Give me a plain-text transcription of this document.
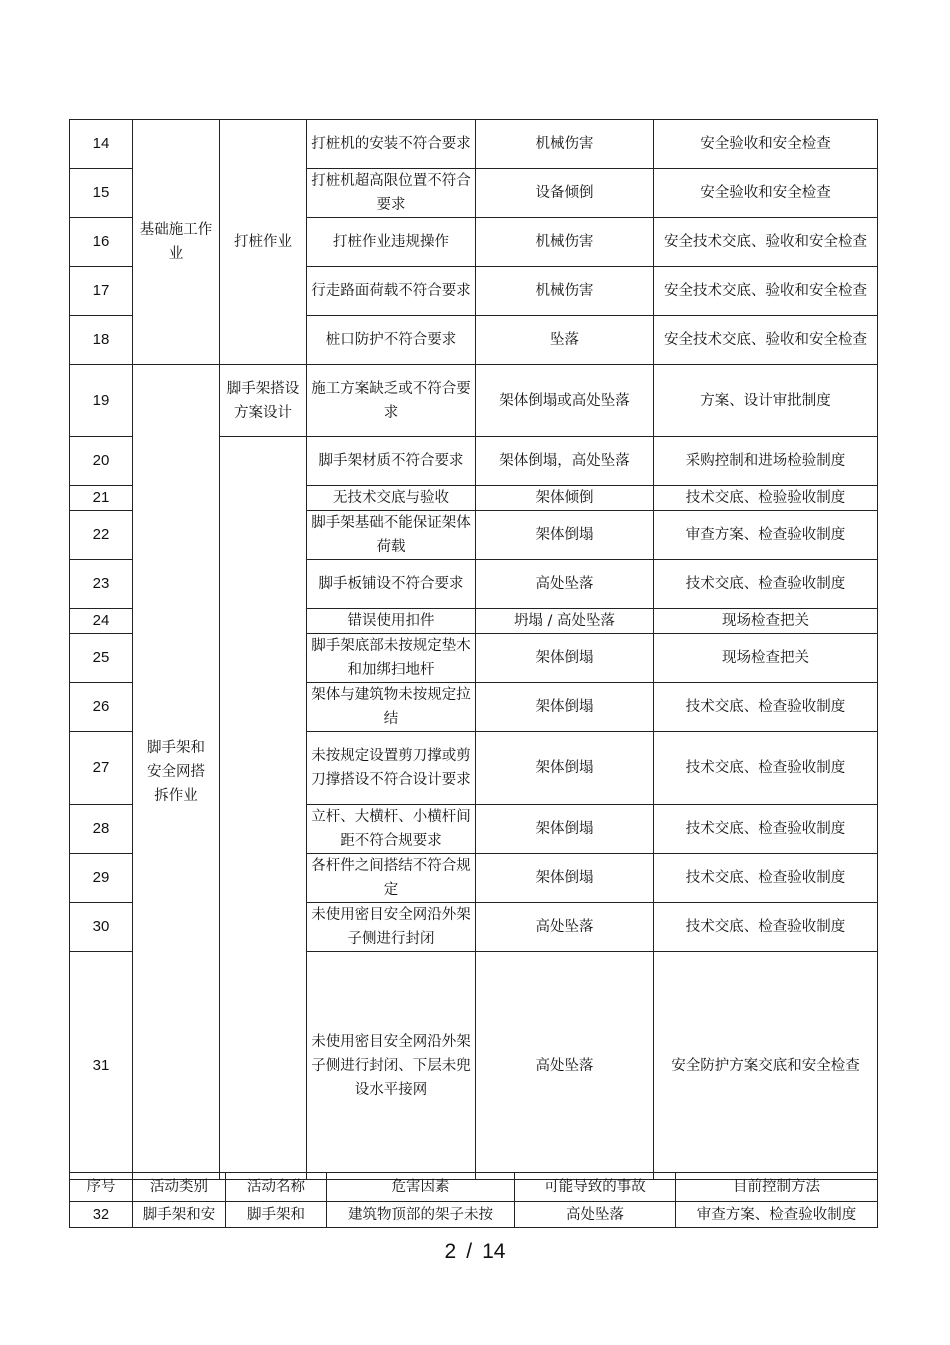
14	基础施工作业	打桩作业	打桩机的安装不符合要求	机械伤害	安全验收和安全检查
15			打桩机超高限位置不符合要求	设备倾倒	安全验收和安全检查
16			打桩作业违规操作	机械伤害	安全技术交底、验收和安全检查
17			行走路面荷载不符合要求	机械伤害	安全技术交底、验收和安全检查
18			桩口防护不符合要求	坠落	安全技术交底、验收和安全检查
19	脚手架和安全网搭拆作业	脚手架搭设方案设计	施工方案缺乏或不符合要求	架体倒塌或高处坠落	方案、设计审批制度
20			脚手架材质不符合要求	架体倒塌，高处坠落	采购控制和进场检验制度
21			无技术交底与验收	架体倾倒	技术交底、检验验收制度
22			脚手架基础不能保证架体荷载	架体倒塌	审查方案、检查验收制度
23			脚手板铺设不符合要求	高处坠落	技术交底、检查验收制度
24			错误使用扣件	坍塌 / 高处坠落	现场检查把关
25			脚手架底部未按规定垫木和加绑扫地杆	架体倒塌	现场检查把关
26			架体与建筑物未按规定拉结	架体倒塌	技术交底、检查验收制度
27			未按规定设置剪刀撑或剪刀撑搭设不符合设计要求	架体倒塌	技术交底、检查验收制度
28			立杆、大横杆、小横杆间距不符合规要求	架体倒塌	技术交底、检查验收制度
29			各杆件之间搭结不符合规定	架体倒塌	技术交底、检查验收制度
30			未使用密目安全网沿外架子侧进行封闭	高处坠落	技术交底、检查验收制度
31			未使用密目安全网沿外架子侧进行封闭、下层未兜设水平接网	高处坠落	安全防护方案交底和安全检查
序号	活动类别	活动名称	危害因素	可能导致的事故	目前控制方法
32	脚手架和安	脚手架和	建筑物顶部的架子未按	高处坠落	审查方案、检查验收制度
2 / 14
